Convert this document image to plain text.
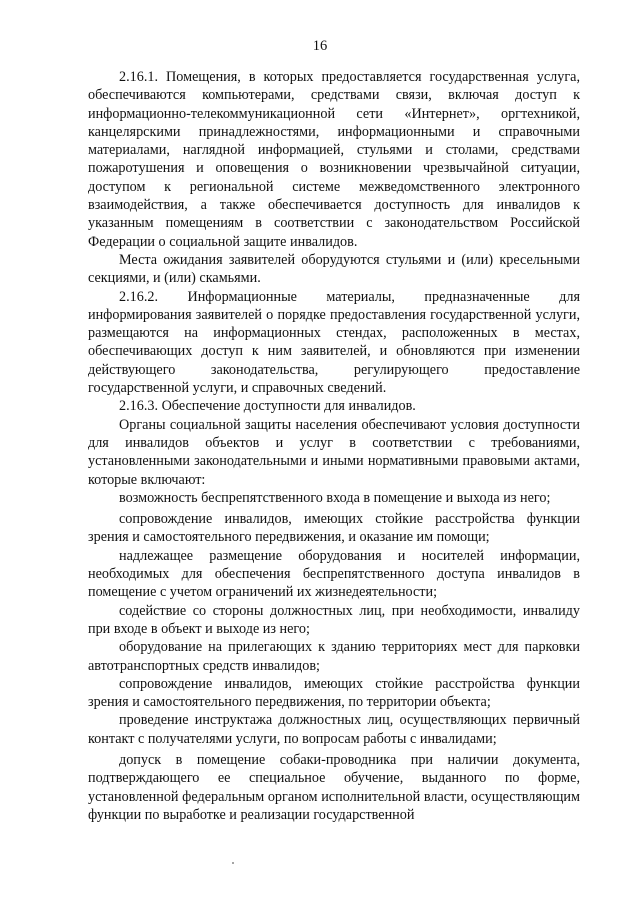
16

2.16.1. Помещения, в которых предоставляется государственная услуга, обеспечиваются компьютерами, средствами связи, включая доступ к информационно-телекоммуникационной сети «Интернет», оргтехникой, канцелярскими принадлежностями, информационными и справочными материалами, наглядной информацией, стульями и столами, средствами пожаротушения и оповещения о возникновении чрезвычайной ситуации, доступом к региональной системе межведомственного электронного взаимодействия, а также обеспечивается доступность для инвалидов к указанным помещениям в соответствии с законодательством Российской Федерации о социальной защите инвалидов.

Места ожидания заявителей оборудуются стульями и (или) кресельными секциями, и (или) скамьями.

2.16.2. Информационные материалы, предназначенные для информирования заявителей о порядке предоставления государственной услуги, размещаются на информационных стендах, расположенных в местах, обеспечивающих доступ к ним заявителей, и обновляются при изменении действующего законодательства, регулирующего предоставление государственной услуги, и справочных сведений.

2.16.3. Обеспечение доступности для инвалидов.

Органы социальной защиты населения обеспечивают условия доступности для инвалидов объектов и услуг в соответствии с требованиями, установленными законодательными и иными нормативными правовыми актами, которые включают:

возможность беспрепятственного входа в помещение и выхода из него;

сопровождение инвалидов, имеющих стойкие расстройства функции зрения и самостоятельного передвижения, и оказание им помощи;

надлежащее размещение оборудования и носителей информации, необходимых для обеспечения беспрепятственного доступа инвалидов в помещение с учетом ограничений их жизнедеятельности;

содействие со стороны должностных лиц, при необходимости, инвалиду при входе в объект и выходе из него;

оборудование на прилегающих к зданию территориях мест для парковки автотранспортных средств инвалидов;

сопровождение инвалидов, имеющих стойкие расстройства функции зрения и самостоятельного передвижения, по территории объекта;

проведение инструктажа должностных лиц, осуществляющих первичный контакт с получателями услуги, по вопросам работы с инвалидами;

допуск в помещение собаки-проводника при наличии документа, подтверждающего ее специальное обучение, выданного по форме, установленной федеральным органом исполнительной власти, осуществляющим функции по выработке и реализации государственной
